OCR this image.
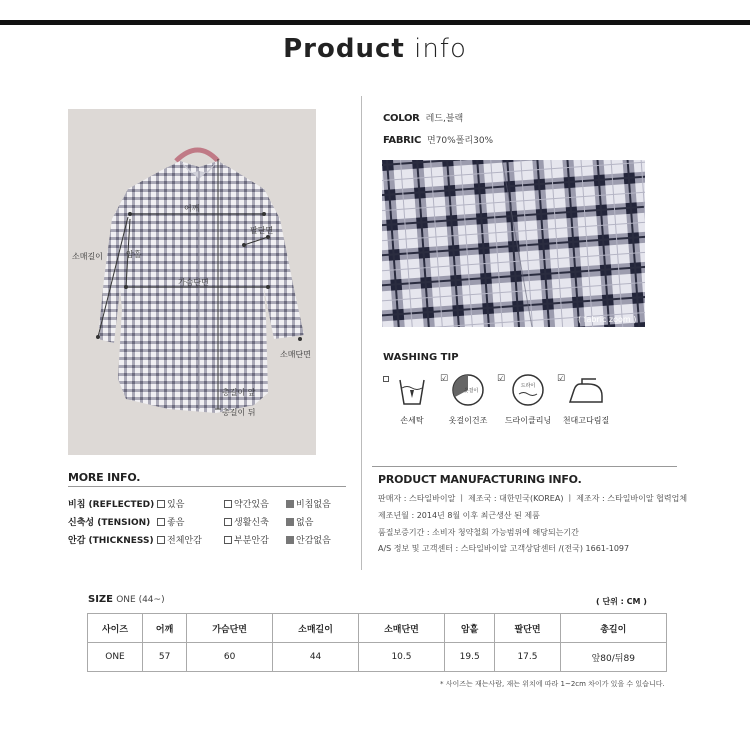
Product info
어깨
소매길이	암홀
팔단면
가슴단면
소매단면
총길이 앞
총길이 뒤
COLOR 레드,블랙
FABRIC 면70%폴리30%
( fabric zoom )
WASHING TIP
☑	☑	☑
손세탁
옷걸이
옷걸이건조
드라이
드라이클리닝	천대고다림질
MORE INFO.
비침 (REFLECTED)	있음	약간있음	비침없음
신축성 (TENSION)	좋음	생활신축	없음
안감 (THICKNESS)	전체안감	부분안감	안감없음
PRODUCT MANUFACTURING INFO.
판매자 : 스타일바이알 ㅣ 제조국 : 대한민국(KOREA) ㅣ 제조자 : 스타일바이알 협력업체
제조년월 : 2014년 8월 이후 최근생산 된 제품
품질보증기간 : 소비자 청약철회 가능범위에 해당되는기간
A/S 정보 및 고객센터 : 스타일바이알 고객상담센터 /(전국) 1661-1097
SIZE ONE (44~)	( 단위 : CM )
사이즈	어깨	가슴단면	소매길이	소매단면	암홀	팔단면	총길이
ONE	57	60	44	10.5	19.5	17.5	앞80/뒤89
* 사이즈는 재는사람, 재는 위치에 따라 1~2cm 차이가 있을 수 있습니다.
